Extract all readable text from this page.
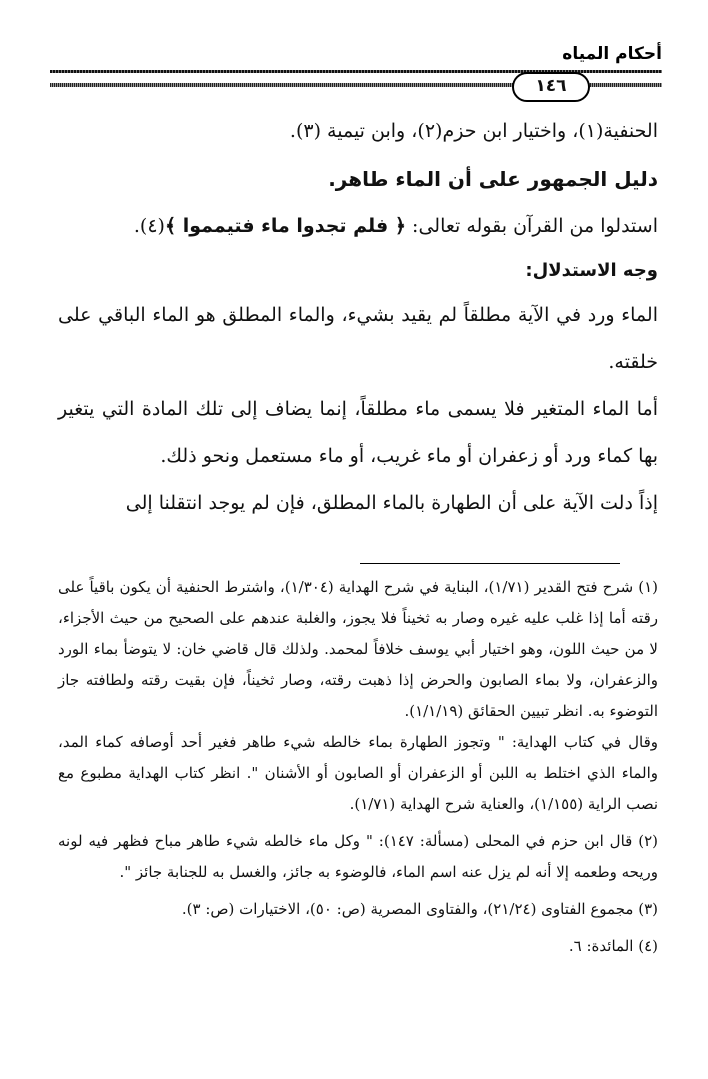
أحكام المياه
١٤٦

الحنفية(١)، واختيار ابن حزم(٢)، وابن تيمية (٣).

دليل الجمهور على أن الماء طاهر.

استدلوا من القرآن بقوله تعالى: ﴿ فلم تجدوا ماء فتيمموا ﴾(٤).

وجه الاستدلال:

الماء ورد في الآية مطلقاً لم يقيد بشيء، والماء المطلق هو الماء الباقي على خلقته.

أما الماء المتغير فلا يسمى ماء مطلقاً، إنما يضاف إلى تلك المادة التي يتغير بها كماء ورد أو زعفران أو ماء غريب، أو ماء مستعمل ونحو ذلك.

إذاً دلت الآية على أن الطهارة بالماء المطلق، فإن لم يوجد انتقلنا إلى

(١) شرح فتح القدير (١/٧١)، البناية في شرح الهداية (١/٣٠٤)، واشترط الحنفية أن يكون باقياً على رقته أما إذا غلب عليه غيره وصار به ثخيناً فلا يجوز، والغلبة عندهم على الصحيح من حيث الأجزاء، لا من حيث اللون، وهو اختيار أبي يوسف خلافاً لمحمد. ولذلك قال قاضي خان: لا يتوضأ بماء الورد والزعفران، ولا بماء الصابون والحرض إذا ذهبت رقته، وصار ثخيناً، فإن بقيت رقته ولطافته جاز التوضوء به. انظر تبيين الحقائق (١/١/١٩).

وقال في كتاب الهداية: " وتجوز الطهارة بماء خالطه شيء طاهر فغير أحد أوصافه كماء المد، والماء الذي اختلط به اللبن أو الزعفران أو الصابون أو الأشنان ". انظر كتاب الهداية مطبوع مع نصب الراية (١/١٥٥)، والعناية شرح الهداية (١/٧١).

(٢) قال ابن حزم في المحلى (مسألة: ١٤٧): " وكل ماء خالطه شيء طاهر مباح فظهر فيه لونه وريحه وطعمه إلا أنه لم يزل عنه اسم الماء، فالوضوء به جائز، والغسل به للجنابة جائز ".

(٣) مجموع الفتاوى (٢١/٢٤)، والفتاوى المصرية (ص: ٥٠)، الاختيارات (ص: ٣).

(٤) المائدة: ٦.
